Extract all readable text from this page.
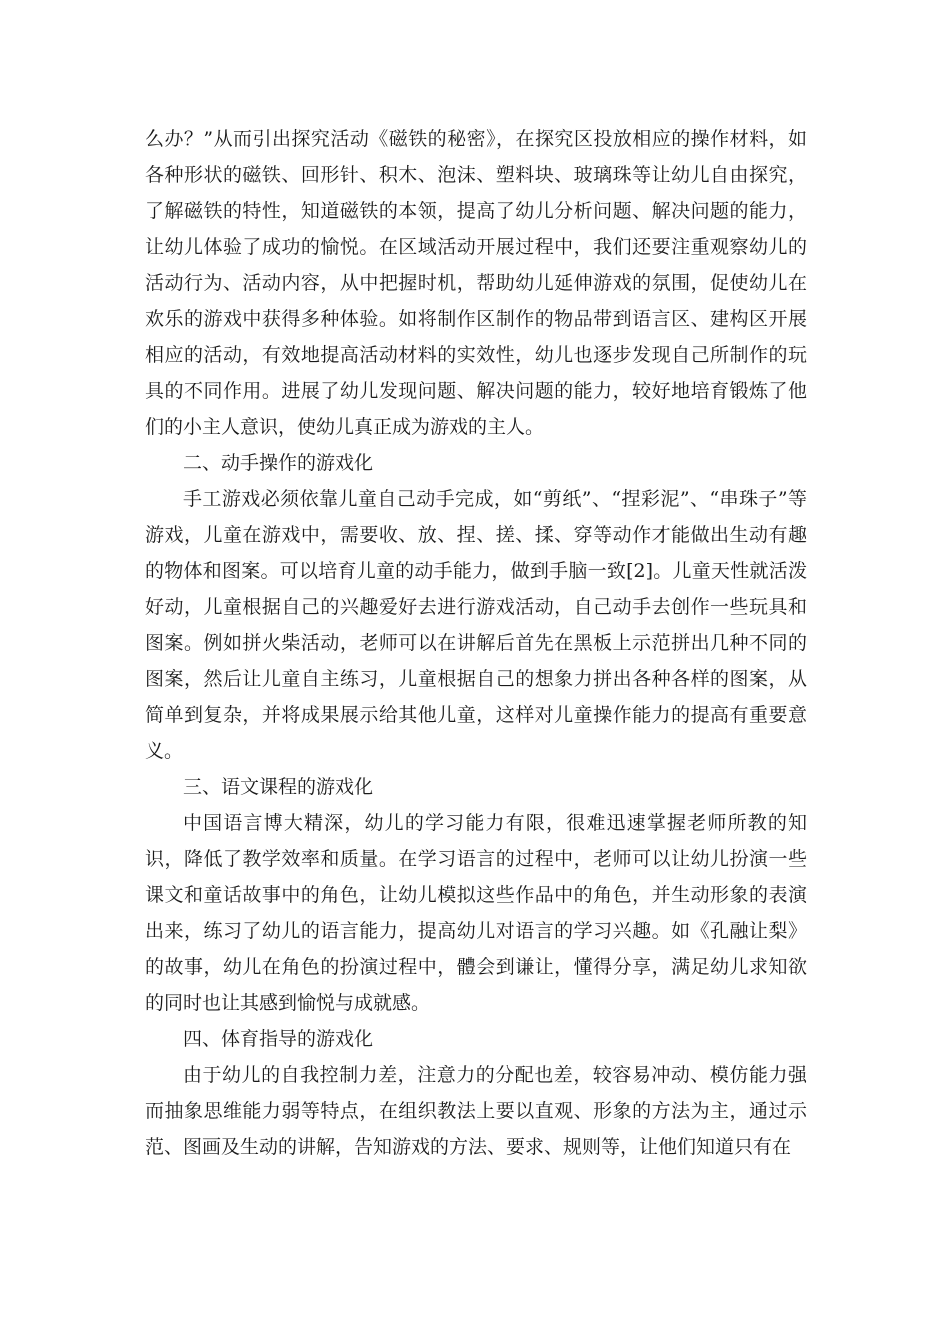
么办？”从而引出探究活动《磁铁的秘密》，在探究区投放相应的操作材料，如各种形状的磁铁、回形针、积木、泡沫、塑料块、玻璃珠等让幼儿自由探究，了解磁铁的特性，知道磁铁的本领，提高了幼儿分析问题、解决问题的能力，让幼儿体验了成功的愉悦。在区域活动开展过程中，我们还要注重观察幼儿的活动行为、活动内容，从中把握时机，帮助幼儿延伸游戏的氛围，促使幼儿在欢乐的游戏中获得多种体验。如将制作区制作的物品带到语言区、建构区开展相应的活动，有效地提高活动材料的实效性，幼儿也逐步发现自己所制作的玩具的不同作用。进展了幼儿发现问题、解决问题的能力，较好地培育锻炼了他们的小主人意识，使幼儿真正成为游戏的主人。

二、动手操作的游戏化

手工游戏必须依靠儿童自己动手完成，如“剪纸”、“捏彩泥”、“串珠子”等游戏，儿童在游戏中，需要收、放、捏、搓、揉、穿等动作才能做出生动有趣的物体和图案。可以培育儿童的动手能力，做到手脑一致[2]。儿童天性就活泼好动，儿童根据自己的兴趣爱好去进行游戏活动，自己动手去创作一些玩具和图案。例如拼火柴活动，老师可以在讲解后首先在黑板上示范拼出几种不同的图案，然后让儿童自主练习，儿童根据自己的想象力拼出各种各样的图案，从简单到复杂，并将成果展示给其他儿童，这样对儿童操作能力的提高有重要意义。

三、语文课程的游戏化

中国语言博大精深，幼儿的学习能力有限，很难迅速掌握老师所教的知识，降低了教学效率和质量。在学习语言的过程中，老师可以让幼儿扮演一些课文和童话故事中的角色，让幼儿模拟这些作品中的角色，并生动形象的表演出来，练习了幼儿的语言能力，提高幼儿对语言的学习兴趣。如《孔融让梨》的故事，幼儿在角色的扮演过程中，體会到谦让，懂得分享，满足幼儿求知欲的同时也让其感到愉悦与成就感。

四、体育指导的游戏化

由于幼儿的自我控制力差，注意力的分配也差，较容易冲动、模仿能力强而抽象思维能力弱等特点，在组织教法上要以直观、形象的方法为主，通过示范、图画及生动的讲解，告知游戏的方法、要求、规则等，让他们知道只有在
